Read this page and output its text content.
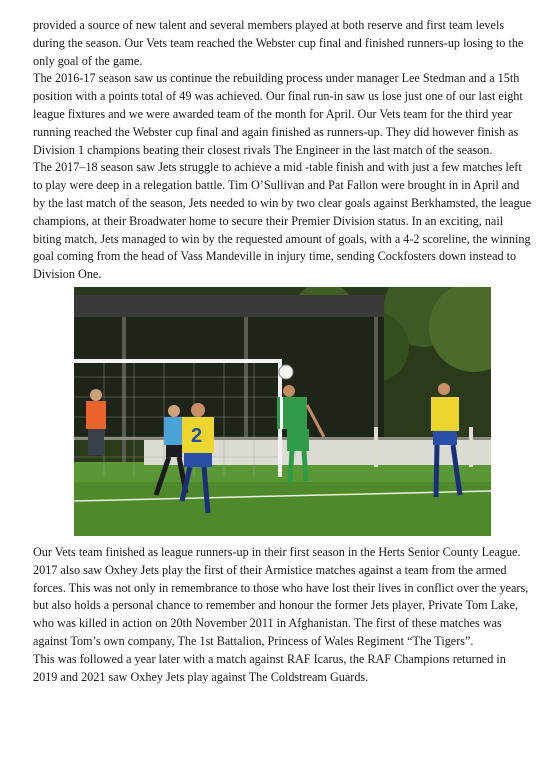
provided a source of new talent and several members played at both reserve and first team levels during the season. Our Vets team reached the Webster cup final and finished runners-up losing to the only goal of the game.

The 2016-17 season saw us continue the rebuilding process under manager Lee Stedman and a 15th position with a points total of 49 was achieved. Our final run-in saw us lose just one of our last eight league fixtures and we were awarded team of the month for April. Our Vets team for the third year running reached the Webster cup final and again finished as runners-up. They did however finish as Division 1 champions beating their closest rivals The Engineer in the last match of the season.

The 2017–18 season saw Jets struggle to achieve a mid -table finish and with just a few matches left to play were deep in a relegation battle. Tim O’Sullivan and Pat Fallon were brought in in April and by the last match of the season, Jets needed to win by two clear goals against Berkhamsted, the league champions, at their Broadwater home to secure their Premier Division status. In an exciting, nail biting match, Jets managed to win by the requested amount of goals, with a 4-2 scoreline, the winning goal coming from the head of Vass Mandeville in injury time, sending Cockfosters down instead to Division One.

2

Our Vets team finished as league runners-up in their first season in the Herts Senior County League.

2017 also saw Oxhey Jets play the first of their Armistice matches against a team from the armed forces. This was not only in remembrance to those who have lost their lives in conflict over the years, but also holds a personal chance to remember and honour the former Jets player, Private Tom Lake, who was killed in action on 20th November 2011 in Afghanistan. The first of these matches was against Tom’s own company, The 1st Battalion, Princess of Wales Regiment “The Tigers”.

This was followed a year later with a match against RAF Icarus, the RAF Champions returned in 2019 and 2021 saw Oxhey Jets play against The Coldstream Guards.
